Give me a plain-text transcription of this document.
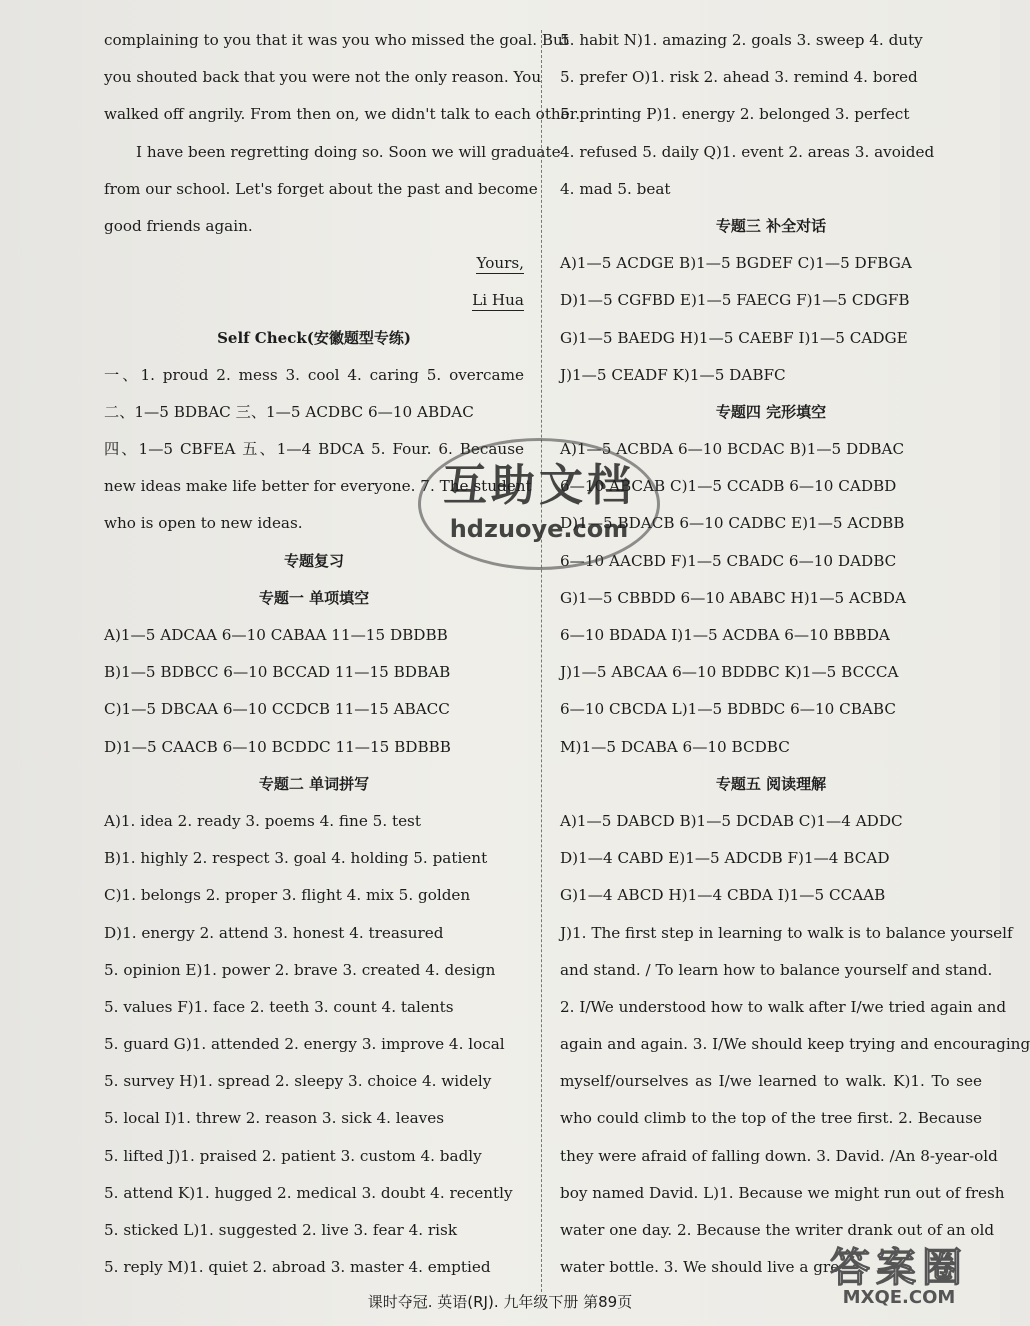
complaining to you that it was you who missed the goal. But
you shouted back that you were not the only reason. You
walked off angrily. From then on, we didn't talk to each other.
I have been regretting doing so. Soon we will graduate
from our school. Let's forget about the past and become
good friends again.
Yours,
Li Hua
Self Check(安徽题型专练)
一、1. proud 2. mess 3. cool 4. caring 5. overcame
二、1—5 BDBAC 三、1—5 ACDBC 6—10 ABDAC
四、1—5 CBFEA 五、1—4 BDCA 5. Four. 6. Because
new ideas make life better for everyone. 7. The student
who is open to new ideas.
专题复习
专题一 单项填空
A)1—5 ADCAA 6—10 CABAA 11—15 DBDBB
B)1—5 BDBCC 6—10 BCCAD 11—15 BDBAB
C)1—5 DBCAA 6—10 CCDCB 11—15 ABACC
D)1—5 CAACB 6—10 BCDDC 11—15 BDBBB
专题二 单词拼写
A)1. idea 2. ready 3. poems 4. fine 5. test
B)1. highly 2. respect 3. goal 4. holding 5. patient
C)1. belongs 2. proper 3. flight 4. mix 5. golden
D)1. energy 2. attend 3. honest 4. treasured
5. opinion E)1. power 2. brave 3. created 4. design
5. values F)1. face 2. teeth 3. count 4. talents
5. guard G)1. attended 2. energy 3. improve 4. local
5. survey H)1. spread 2. sleepy 3. choice 4. widely
5. local I)1. threw 2. reason 3. sick 4. leaves
5. lifted J)1. praised 2. patient 3. custom 4. badly
5. attend K)1. hugged 2. medical 3. doubt 4. recently
5. sticked L)1. suggested 2. live 3. fear 4. risk
5. reply M)1. quiet 2. abroad 3. master 4. emptied
5. habit N)1. amazing 2. goals 3. sweep 4. duty
5. prefer O)1. risk 2. ahead 3. remind 4. bored
5. printing P)1. energy 2. belonged 3. perfect
4. refused 5. daily Q)1. event 2. areas 3. avoided
4. mad 5. beat
专题三 补全对话
A)1—5 ACDGE B)1—5 BGDEF C)1—5 DFBGA
D)1—5 CGFBD E)1—5 FAECG F)1—5 CDGFB
G)1—5 BAEDG H)1—5 CAEBF I)1—5 CADGE
J)1—5 CEADF K)1—5 DABFC
专题四 完形填空
A)1—5 ACBDA 6—10 BCDAC B)1—5 DDBAC
6—10 ABCAB C)1—5 CCADB 6—10 CADBD
D)1—5 BDACB 6—10 CADBC E)1—5 ACDBB
6—10 AACBD F)1—5 CBADC 6—10 DADBC
G)1—5 CBBDD 6—10 ABABC H)1—5 ACBDA
6—10 BDADA I)1—5 ACDBA 6—10 BBBDA
J)1—5 ABCAA 6—10 BDDBC K)1—5 BCCCA
6—10 CBCDA L)1—5 BDBDC 6—10 CBABC
M)1—5 DCABA 6—10 BCDBC
专题五 阅读理解
A)1—5 DABCD B)1—5 DCDAB C)1—4 ADDC
D)1—4 CABD E)1—5 ADCDB F)1—4 BCAD
G)1—4 ABCD H)1—4 CBDA I)1—5 CCAAB
J)1. The first step in learning to walk is to balance yourself
and stand. / To learn how to balance yourself and stand.
2. I/We understood how to walk after I/we tried again and
again and again. 3. I/We should keep trying and encouraging
myself/ourselves as I/we learned to walk. K)1. To see
who could climb to the top of the tree first. 2. Because
they were afraid of falling down. 3. David. /An 8-year-old
boy named David. L)1. Because we might run out of fresh
water one day. 2. Because the writer drank out of an old
water bottle. 3. We should live a gre
互助文档
hdzuoye.com
答案圈
MXQE.COM
课时夺冠. 英语(RJ). 九年级下册 第89页
